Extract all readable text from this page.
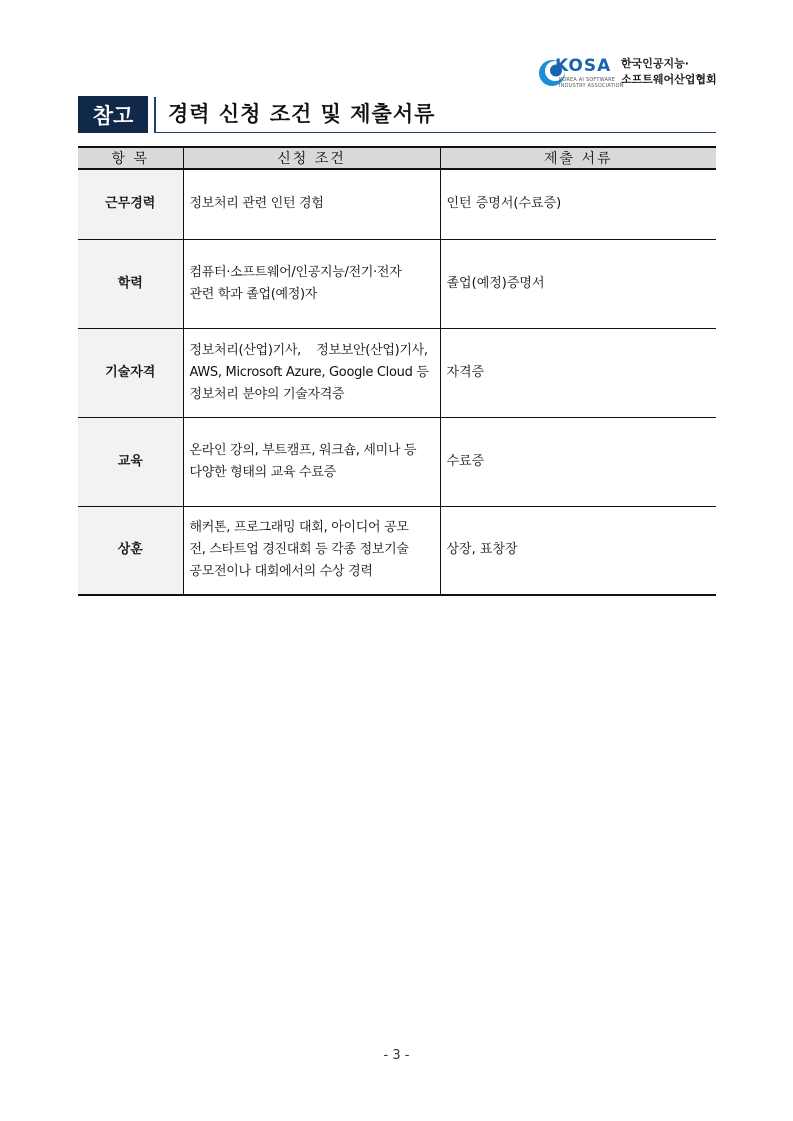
KOSA
KOREA AI SOFTWARE
INDUSTRY ASSOCIATION
한국인공지능·
소프트웨어산업협회
참고	경력 신청 조건 및 제출서류
항 목	신청 조건	제출 서류
근무경력	정보처리 관련 인턴 경험	인턴 증명서(수료증)
학력	컴퓨터·소프트웨어/인공지능/전기·전자
관련 학과 졸업(예정)자	졸업(예정)증명서
기술자격	정보처리(산업)기사,    정보보안(산업)기사,
AWS, Microsoft Azure, Google Cloud 등
정보처리 분야의 기술자격증	자격증
교육	온라인 강의, 부트캠프, 워크숍, 세미나 등
다양한 형태의 교육 수료증	수료증
상훈	해커톤, 프로그래밍 대회, 아이디어 공모
전, 스타트업 경진대회 등 각종 정보기술
공모전이나 대회에서의 수상 경력	상장, 표창장
- 3 -
